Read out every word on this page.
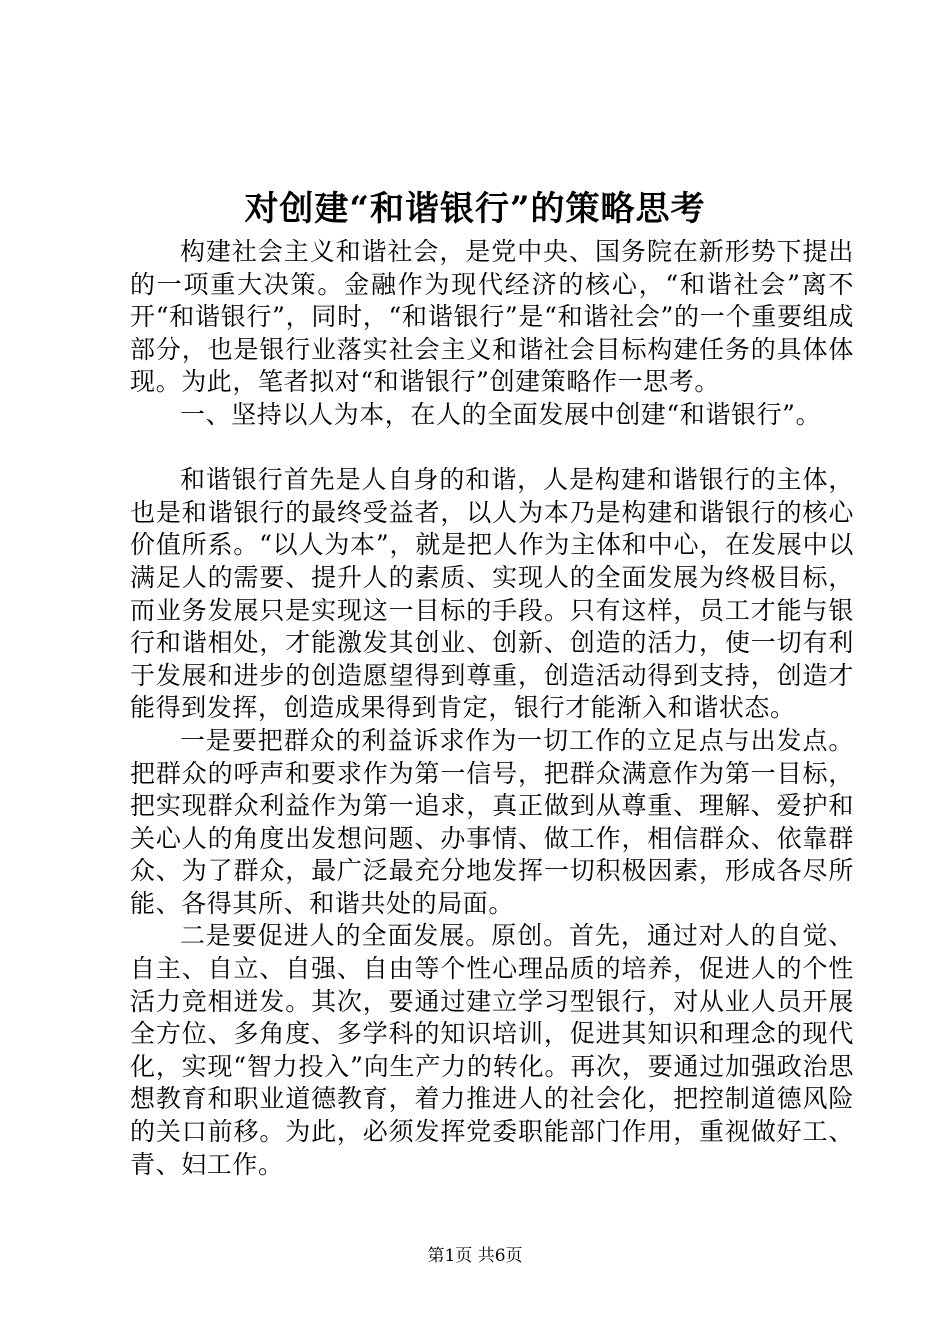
对创建“和谐银行”的策略思考

构建社会主义和谐社会，是党中央、国务院在新形势下提出的一项重大决策。金融作为现代经济的核心，“和谐社会”离不开“和谐银行”，同时，“和谐银行”是“和谐社会”的一个重要组成部分，也是银行业落实社会主义和谐社会目标构建任务的具体体现。为此，笔者拟对“和谐银行”创建策略作一思考。

一、坚持以人为本，在人的全面发展中创建“和谐银行”。

和谐银行首先是人自身的和谐，人是构建和谐银行的主体，也是和谐银行的最终受益者，以人为本乃是构建和谐银行的核心价值所系。“以人为本”，就是把人作为主体和中心，在发展中以满足人的需要、提升人的素质、实现人的全面发展为终极目标，而业务发展只是实现这一目标的手段。只有这样，员工才能与银行和谐相处，才能激发其创业、创新、创造的活力，使一切有利于发展和进步的创造愿望得到尊重，创造活动得到支持，创造才能得到发挥，创造成果得到肯定，银行才能渐入和谐状态。

一是要把群众的利益诉求作为一切工作的立足点与出发点。把群众的呼声和要求作为第一信号，把群众满意作为第一目标，把实现群众利益作为第一追求，真正做到从尊重、理解、爱护和关心人的角度出发想问题、办事情、做工作，相信群众、依靠群众、为了群众，最广泛最充分地发挥一切积极因素，形成各尽所能、各得其所、和谐共处的局面。

二是要促进人的全面发展。原创。首先，通过对人的自觉、自主、自立、自强、自由等个性心理品质的培养，促进人的个性活力竞相迸发。其次，要通过建立学习型银行，对从业人员开展全方位、多角度、多学科的知识培训，促进其知识和理念的现代化，实现“智力投入”向生产力的转化。再次，要通过加强政治思想教育和职业道德教育，着力推进人的社会化，把控制道德风险的关口前移。为此，必须发挥党委职能部门作用，重视做好工、青、妇工作。

第1页 共6页
